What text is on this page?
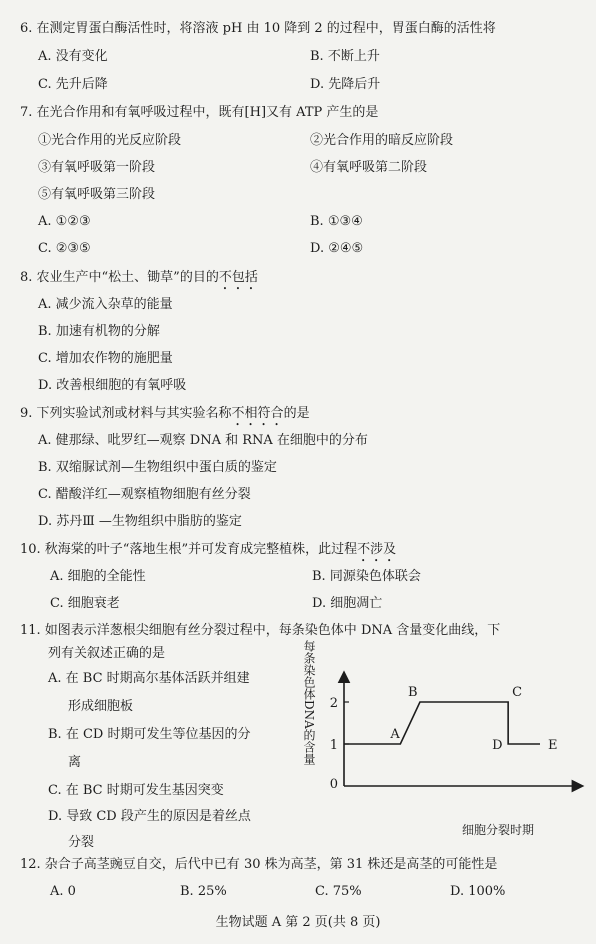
6. 在测定胃蛋白酶活性时，将溶液 pH 由 10 降到 2 的过程中，胃蛋白酶的活性将
A. 没有变化	B. 不断上升
C. 先升后降	D. 先降后升
7. 在光合作用和有氧呼吸过程中，既有[H]又有 ATP 产生的是
①光合作用的光反应阶段	②光合作用的暗反应阶段
③有氧呼吸第一阶段	④有氧呼吸第二阶段
⑤有氧呼吸第三阶段
A. ①②③	B. ①③④
C. ②③⑤	D. ②④⑤
8. 农业生产中“松土、锄草”的目的不包括
A. 减少流入杂草的能量
B. 加速有机物的分解
C. 增加农作物的施肥量
D. 改善根细胞的有氧呼吸
9. 下列实验试剂或材料与其实验名称不相符合的是
A. 健那绿、吡罗红—观察 DNA 和 RNA 在细胞中的分布
B. 双缩脲试剂—生物组织中蛋白质的鉴定
C. 醋酸洋红—观察植物细胞有丝分裂
D. 苏丹Ⅲ —生物组织中脂肪的鉴定
10. 秋海棠的叶子“落地生根”并可发育成完整植株，此过程不涉及
A. 细胞的全能性	B. 同源染色体联会
C. 细胞衰老	D. 细胞凋亡
11. 如图表示洋葱根尖细胞有丝分裂过程中，每条染色体中 DNA 含量变化曲线，下
列有关叙述正确的是
A. 在 BC 时期高尔基体活跃并组建
形成细胞板
B. 在 CD 时期可发生等位基因的分
离
C. 在 BC 时期可发生基因突变
D. 导致 CD 段产生的原因是着丝点
分裂
0
1
2
A
B	C
D	E
每条染色体DNA的含量
细胞分裂时期
12. 杂合子高茎豌豆自交，后代中已有 30 株为高茎，第 31 株还是高茎的可能性是
A. 0	B. 25%	C. 75%	D. 100%
生物试题 A 第 2 页(共 8 页)
